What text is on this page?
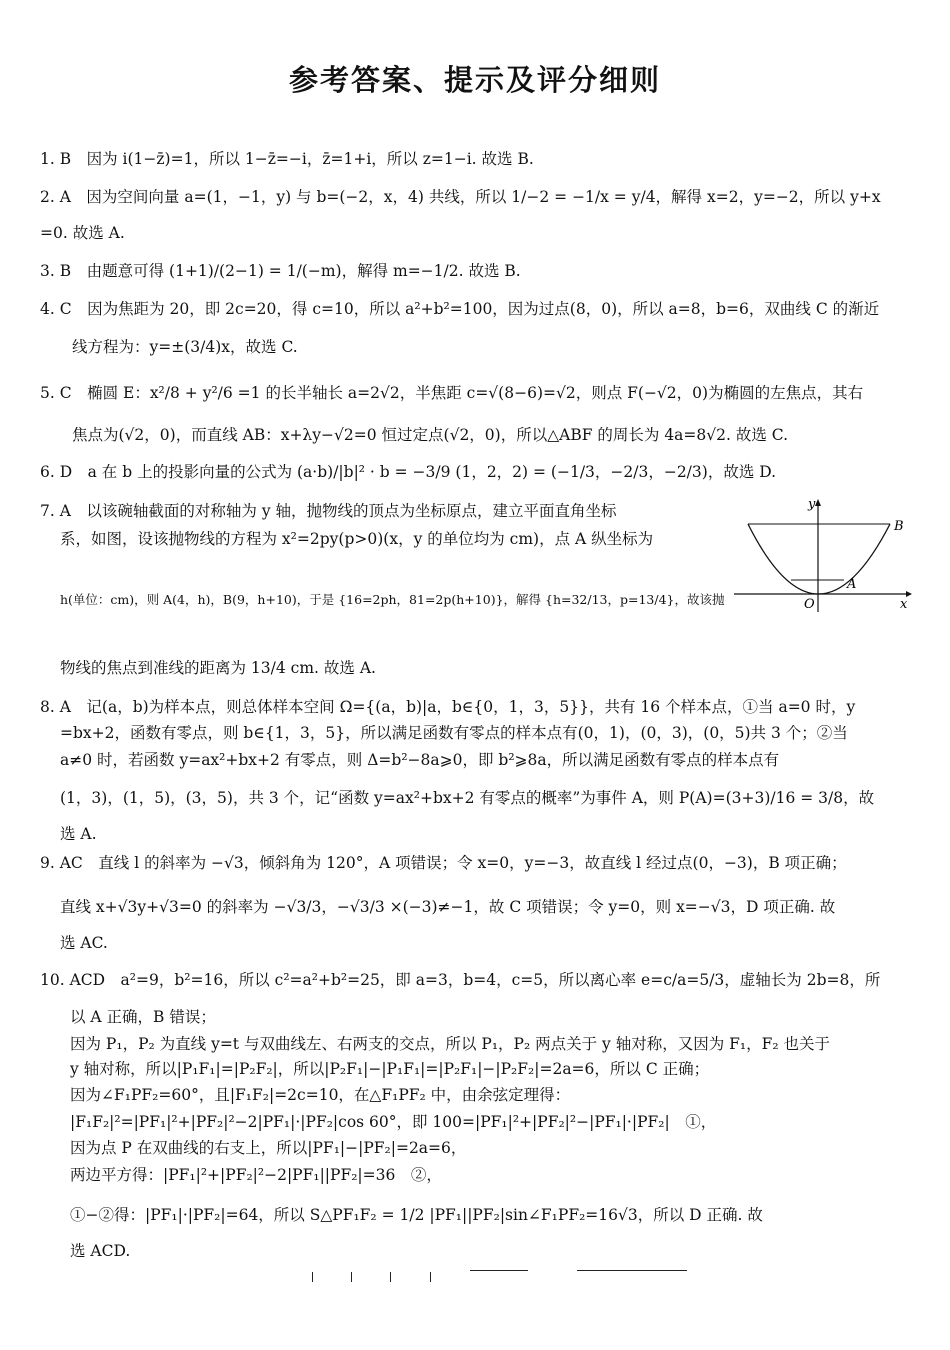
参考答案、提示及评分细则

1. B　因为 i(1−z̄)=1，所以 1−z̄=−i，z̄=1+i，所以 z=1−i. 故选 B.

2. A　因为空间向量 a=(1，−1，y) 与 b=(−2，x，4) 共线，所以 1/−2 = −1/x = y/4，解得 x=2，y=−2，所以 y+x

=0. 故选 A.

3. B　由题意可得 (1+1)/(2−1) = 1/(−m)，解得 m=−1/2. 故选 B.

4. C　因为焦距为 20，即 2c=20，得 c=10，所以 a²+b²=100，因为过点(8，0)，所以 a=8，b=6，双曲线 C 的渐近

线方程为：y=±(3/4)x，故选 C.

5. C　椭圆 E：x²/8 + y²/6 =1 的长半轴长 a=2√2，半焦距 c=√(8−6)=√2，则点 F(−√2，0)为椭圆的左焦点，其右

焦点为(√2，0)，而直线 AB：x+λy−√2=0 恒过定点(√2，0)，所以△ABF 的周长为 4a=8√2. 故选 C.

6. D　a 在 b 上的投影向量的公式为 (a·b)/|b|² · b = −3/9 (1，2，2) = (−1/3，−2/3，−2/3)，故选 D.

7. A　以该碗轴截面的对称轴为 y 轴，抛物线的顶点为坐标原点，建立平面直角坐标

系，如图，设该抛物线的方程为 x²=2py(p>0)(x，y 的单位均为 cm)，点 A 纵坐标为

h(单位：cm)，则 A(4，h)，B(9，h+10)，于是 {16=2ph，81=2p(h+10)}，解得 {h=32/13，p=13/4}，故该抛

物线的焦点到准线的距离为 13/4 cm. 故选 A.

y
x
O
A
B

8. A　记(a，b)为样本点，则总体样本空间 Ω={(a，b)|a，b∈{0，1，3，5}}，共有 16 个样本点，①当 a=0 时，y

=bx+2，函数有零点，则 b∈{1，3，5}，所以满足函数有零点的样本点有(0，1)，(0，3)，(0，5)共 3 个；②当

a≠0 时，若函数 y=ax²+bx+2 有零点，则 Δ=b²−8a⩾0，即 b²⩾8a，所以满足函数有零点的样本点有

(1，3)，(1，5)，(3，5)，共 3 个，记“函数 y=ax²+bx+2 有零点的概率”为事件 A，则 P(A)=(3+3)/16 = 3/8，故

选 A.

9. AC　直线 l 的斜率为 −√3，倾斜角为 120°，A 项错误；令 x=0，y=−3，故直线 l 经过点(0，−3)，B 项正确；

直线 x+√3y+√3=0 的斜率为 −√3/3，−√3/3 ×(−3)≠−1，故 C 项错误；令 y=0，则 x=−√3，D 项正确. 故

选 AC.

10. ACD　a²=9，b²=16，所以 c²=a²+b²=25，即 a=3，b=4，c=5，所以离心率 e=c/a=5/3，虚轴长为 2b=8，所

以 A 正确，B 错误；

因为 P₁，P₂ 为直线 y=t 与双曲线左、右两支的交点，所以 P₁，P₂ 两点关于 y 轴对称，又因为 F₁，F₂ 也关于

y 轴对称，所以|P₁F₁|=|P₂F₂|，所以|P₂F₁|−|P₁F₁|=|P₂F₁|−|P₂F₂|=2a=6，所以 C 正确；

因为∠F₁PF₂=60°，且|F₁F₂|=2c=10，在△F₁PF₂ 中，由余弦定理得：

|F₁F₂|²=|PF₁|²+|PF₂|²−2|PF₁|·|PF₂|cos 60°，即 100=|PF₁|²+|PF₂|²−|PF₁|·|PF₂|　①，

因为点 P 在双曲线的右支上，所以|PF₁|−|PF₂|=2a=6，

两边平方得：|PF₁|²+|PF₂|²−2|PF₁||PF₂|=36　②，

①−②得：|PF₁|·|PF₂|=64，所以 S△PF₁F₂ = 1/2 |PF₁||PF₂|sin∠F₁PF₂=16√3，所以 D 正确. 故

选 ACD.
